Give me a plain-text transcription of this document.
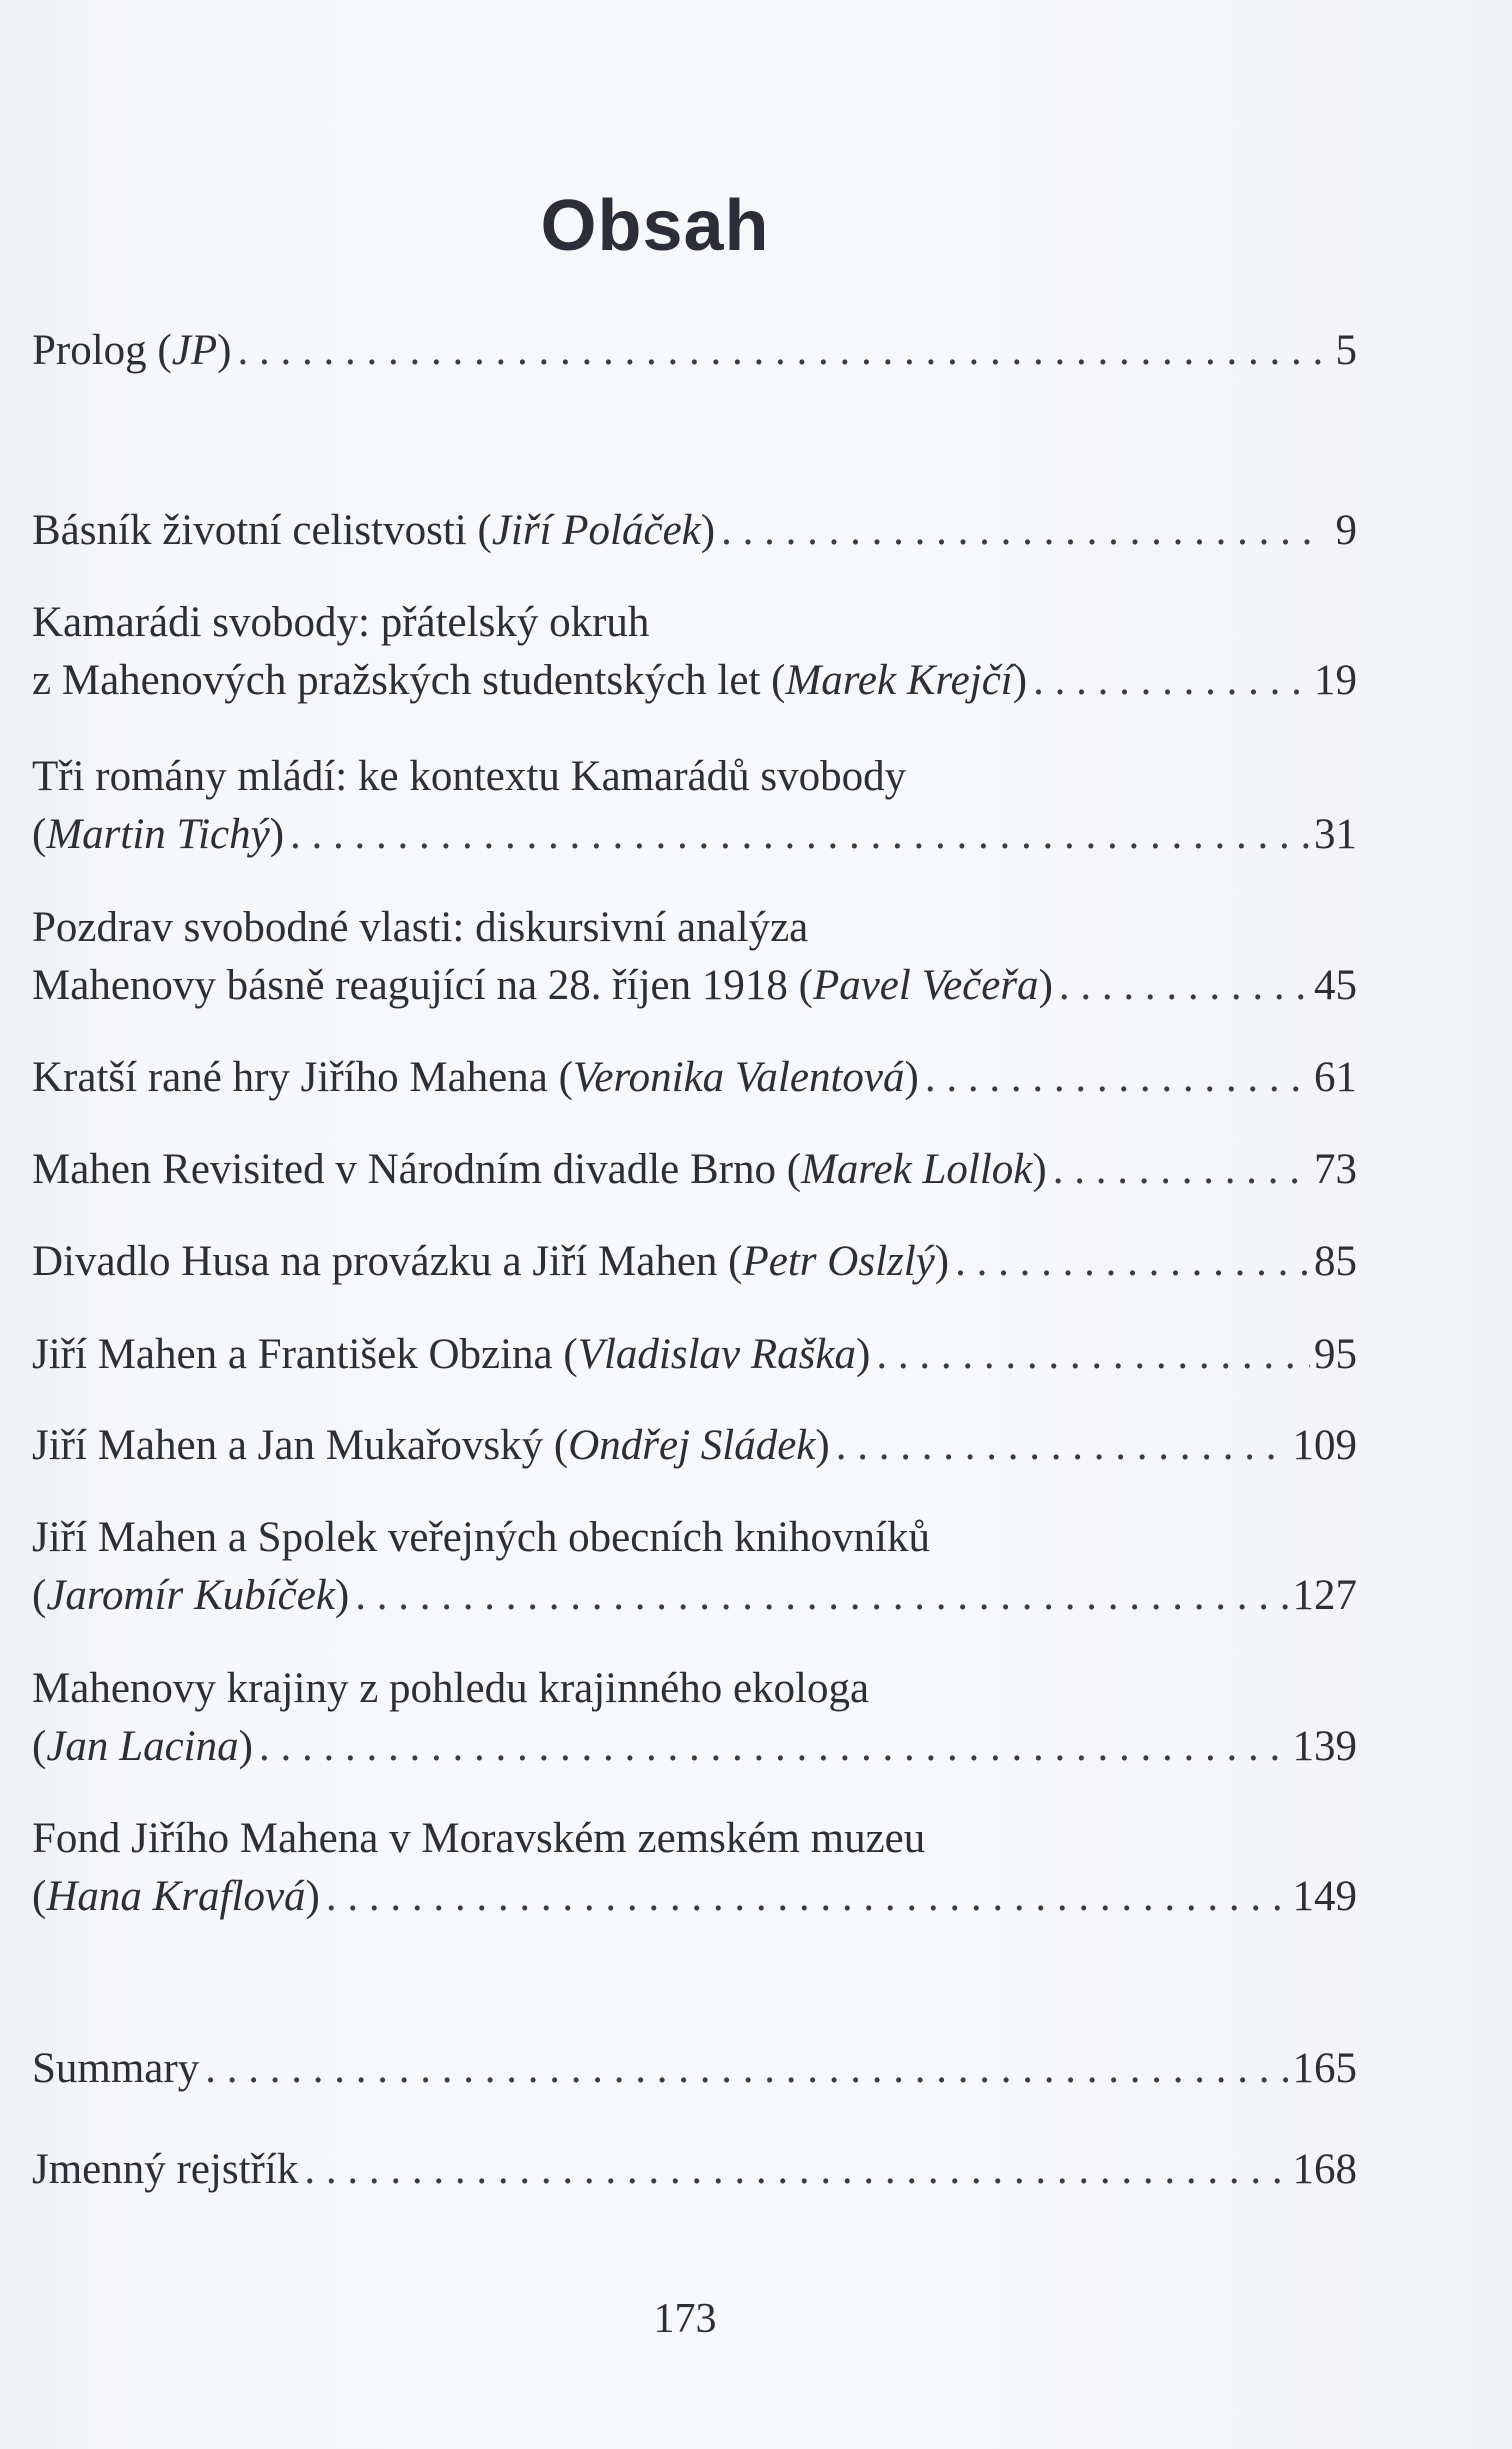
Obsah
Prolog (JP) . . .	5
Básník životní celistvosti (Jiří Poláček) . . .	9
Kamarádi svobody: přátelský okruh
z Mahenových pražských studentských let (Marek Krejčí) . . .	19
Tři romány mládí: ke kontextu Kamarádů svobody
(Martin Tichý) . . .	31
Pozdrav svobodné vlasti: diskursivní analýza
Mahenovy básně reagující na 28. říjen 1918 (Pavel Večeřa) . . .	45
Kratší rané hry Jiřího Mahena (Veronika Valentová) . . .	61
Mahen Revisited v Národním divadle Brno (Marek Lollok) . . .	73
Divadlo Husa na provázku a Jiří Mahen (Petr Oslzlý) . . .	85
Jiří Mahen a František Obzina (Vladislav Raška) . . .	95
Jiří Mahen a Jan Mukařovský (Ondřej Sládek) . . .	109
Jiří Mahen a Spolek veřejných obecních knihovníků
(Jaromír Kubíček) . . .	127
Mahenovy krajiny z pohledu krajinného ekologa
(Jan Lacina) . . .	139
Fond Jiřího Mahena v Moravském zemském muzeu
(Hana Kraflová) . . .	149
Summary . . .	165
Jmenný rejstřík . . .	168
173
